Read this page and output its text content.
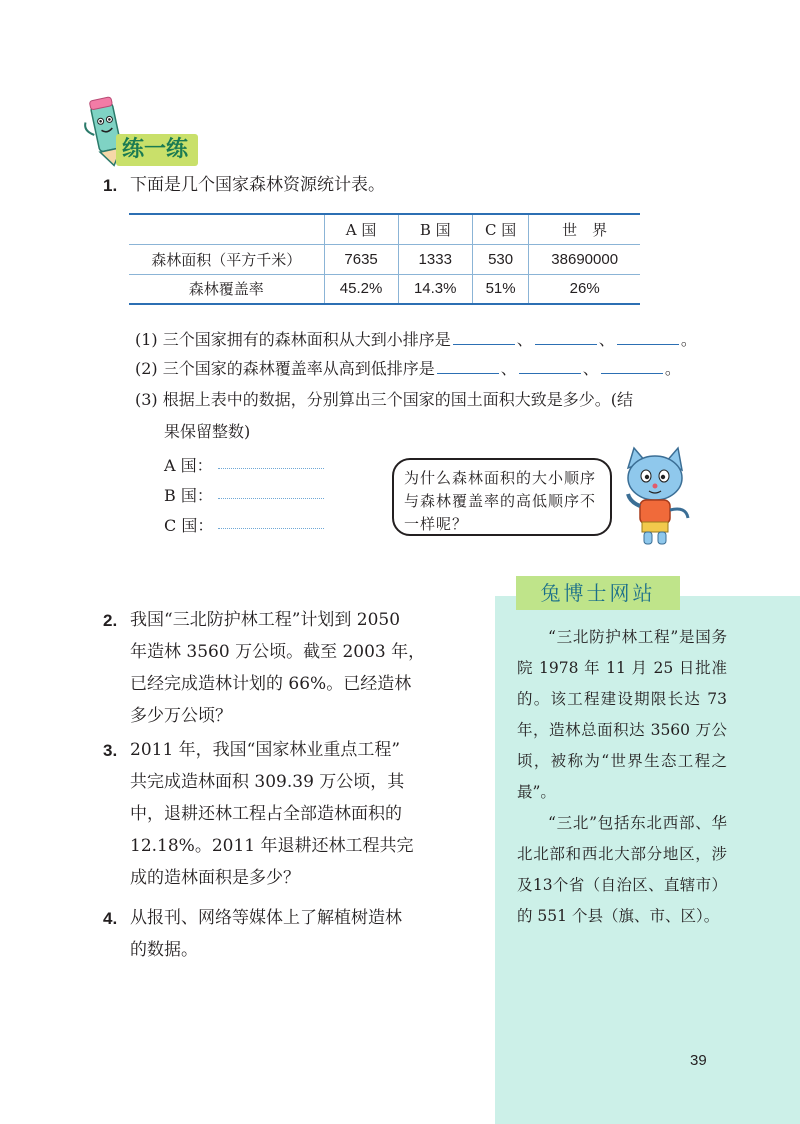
练一练
1. 下面是几个国家森林资源统计表。
	A 国	B 国	C 国	世　界
森林面积（平方千米）	7635	1333	530	38690000
森林覆盖率	45.2%	14.3%	51%	26%
(1) 三个国家拥有的森林面积从大到小排序是	、	、	。
(2) 三个国家的森林覆盖率从高到低排序是	、	、	。
(3) 根据上表中的数据，分别算出三个国家的国土面积大致是多少。(结
果保留整数)
A 国：
B 国：
C 国：
为什么森林面积的大小顺序与森林覆盖率的高低顺序不一样呢？
2. 我国“三北防护林工程”计划到 2050
年造林 3560 万公顷。截至 2003 年，
已经完成造林计划的 66%。已经造林
多少万公顷？
3. 2011 年，我国“国家林业重点工程”
共完成造林面积 309.39 万公顷，其
中，退耕还林工程占全部造林面积的
12.18%。2011 年退耕还林工程共完
成的造林面积是多少？
4. 从报刊、网络等媒体上了解植树造林
的数据。
兔博士网站

“三北防护林工程”是国务院 1978 年 11 月 25 日批准的。该工程建设期限长达 73 年，造林总面积达 3560 万公顷，被称为“世界生态工程之最”。

“三北”包括东北西部、华北北部和西北大部分地区，涉及13个省（自治区、直辖市）的 551 个县（旗、市、区）。

39
